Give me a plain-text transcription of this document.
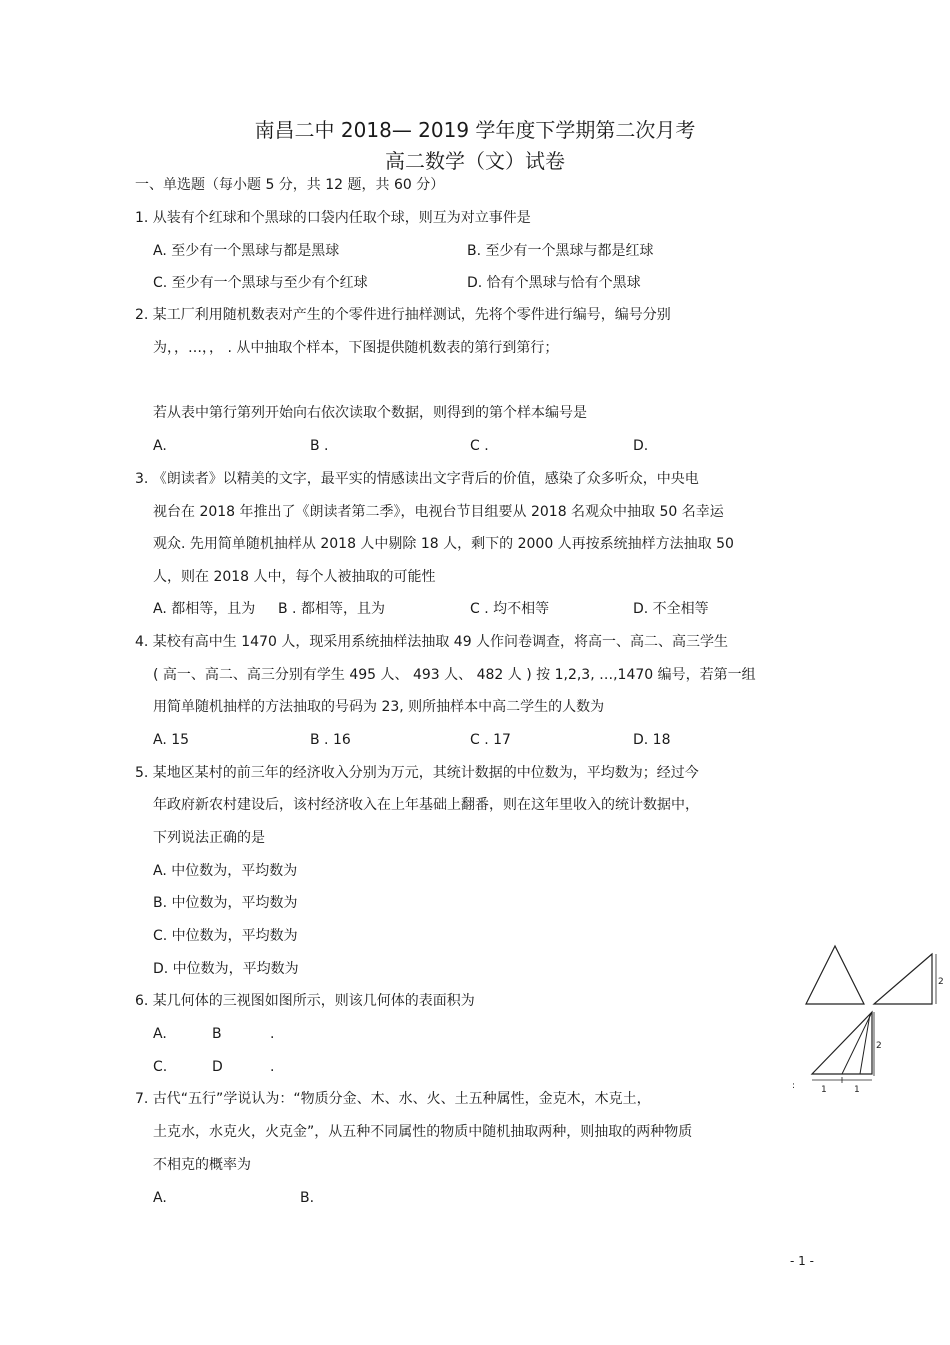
南昌二中 2018— 2019 学年度下学期第二次月考
高二数学（文）试卷
一、单选题（每小题 5 分，共 12 题，共 60 分）
1. 从装有个红球和个黑球的口袋内任取个球，则互为对立事件是
A. 至少有一个黑球与都是黑球	B. 至少有一个黑球与都是红球
C. 至少有一个黑球与至少有个红球	D. 恰有个黑球与恰有个黑球
2. 某工厂利用随机数表对产生的个零件进行抽样测试，先将个零件进行编号，编号分别
为，，…，， . 从中抽取个样本，下图提供随机数表的第行到第行；
若从表中第行第列开始向右依次读取个数据，则得到的第个样本编号是
A.	B .	C .	D.
3. 《朗读者》以精美的文字，最平实的情感读出文字背后的价值，感染了众多听众，中央电
视台在 2018 年推出了《朗读者第二季》，电视台节目组要从 2018 名观众中抽取 50 名幸运
观众. 先用简单随机抽样从 2018 人中剔除 18 人，剩下的 2000 人再按系统抽样方法抽取 50
人，则在 2018 人中，每个人被抽取的可能性
A. 都相等，且为 B . 都相等，且为	C . 均不相等	D. 不全相等
4. 某校有高中生 1470 人，现采用系统抽样法抽取 49 人作问卷调查，将高一、高二、高三学生
( 高一、高二、高三分别有学生 495 人、 493 人、 482 人 ) 按 1,2,3, …,1470 编号，若第一组
用简单随机抽样的方法抽取的号码为 23, 则所抽样本中高二学生的人数为
A. 15	B . 16	C . 17	D. 18
5. 某地区某村的前三年的经济收入分别为万元，其统计数据的中位数为，平均数为；经过今
年政府新农村建设后，该村经济收入在上年基础上翻番，则在这年里收入的统计数据中，
下列说法正确的是
A. 中位数为，平均数为
B. 中位数为，平均数为
C. 中位数为，平均数为
D. 中位数为，平均数为
6. 某几何体的三视图如图所示，则该几何体的表面积为
A.	B	.
C.	D	.
7. 古代“五行”学说认为：“物质分金、木、水、火、土五种属性，金克木，木克土，
土克水，水克火，火克金”，从五种不同属性的物质中随机抽取两种，则抽取的两种物质
不相克的概率为
A.	B.
2
2
1	1
:
- 1 -
